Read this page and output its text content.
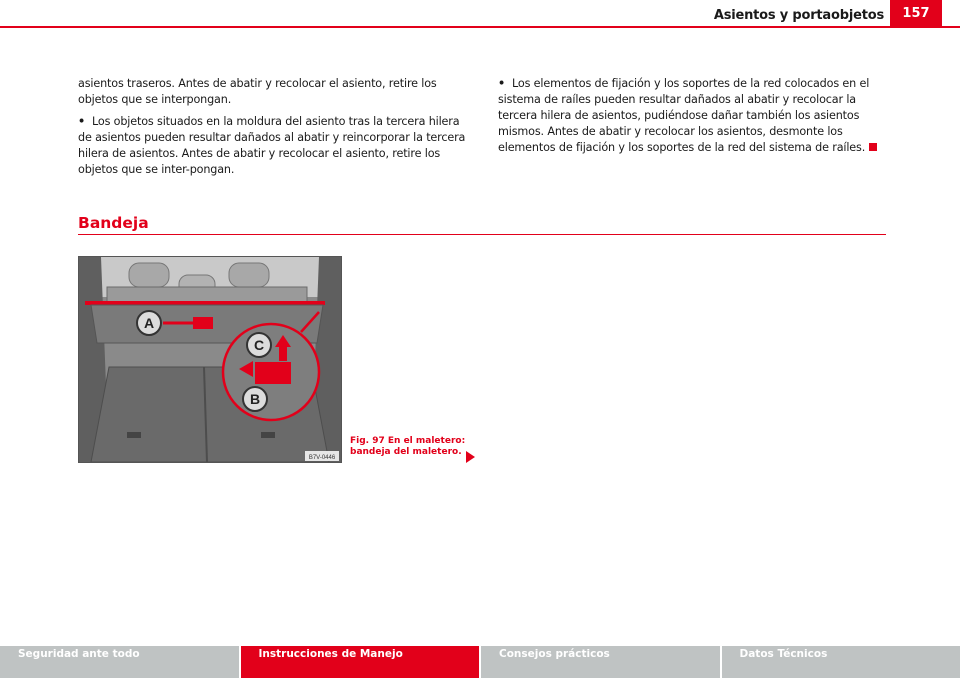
Asientos y portaobjetos	157

asientos traseros. Antes de abatir y recolocar el asiento, retire los objetos que se interpongan.

• Los objetos situados en la moldura del asiento tras la tercera hilera de asientos pueden resultar dañados al abatir y reincorporar la tercera hilera de asientos. Antes de abatir y recolocar el asiento, retire los objetos que se inter-pongan.

• Los elementos de fijación y los soportes de la red colocados en el sistema de raíles pueden resultar dañados al abatir y recolocar la tercera hilera de asientos, pudiéndose dañar también los asientos mismos. Antes de abatir y recolocar los asientos, desmonte los elementos de fijación y los soportes de la red del sistema de raíles.

Bandeja
A
C
B
B7V-0446
Fig. 97 En el maletero:
bandeja del maletero.
Seguridad ante todo	Instrucciones de Manejo	Consejos prácticos	Datos Técnicos
